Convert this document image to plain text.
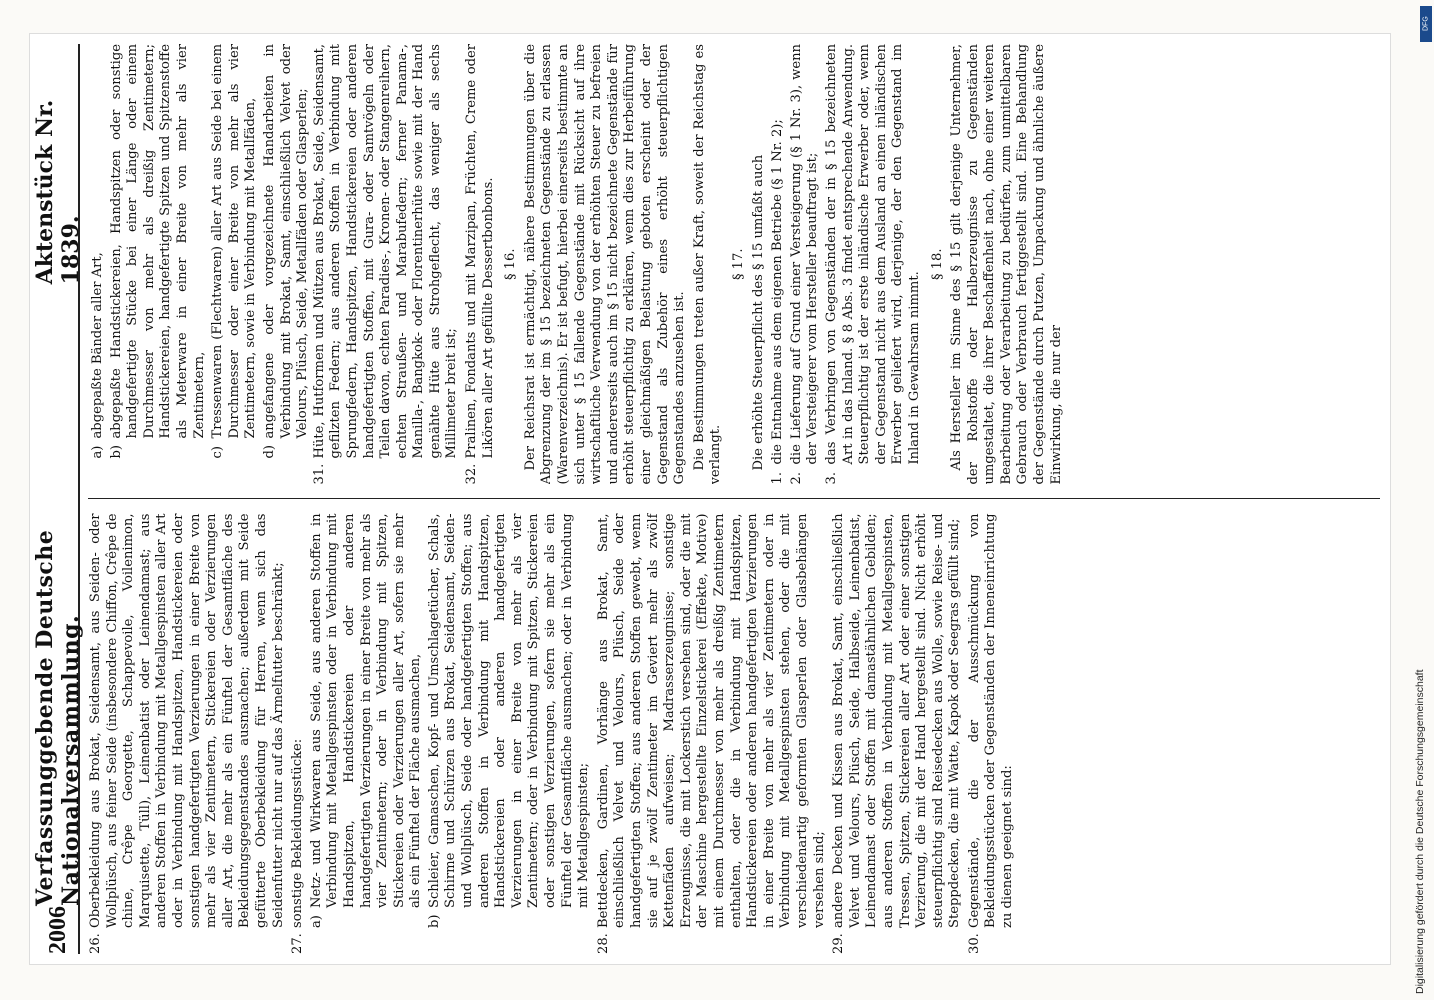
2006
Verfassunggebende Deutsche Nationalversammlung.
Aktenstück Nr. 1839.
26.
Oberbekleidung aus Brokat, Seidensamt, aus Seiden- oder Wollplüsch, aus feiner Seide (insbesondere Chiffon, Crêpe de chine, Crêpe Georgette, Schappevoile, Voilenimon, Marquisette, Tüll), Leinenbatist oder Leinendamast; aus anderen Stoffen in Verbindung mit Metallgespinsten aller Art oder in Verbindung mit Handspitzen, Handstickereien oder sonstigen handgefertigten Verzierungen in einer Breite von mehr als vier Zentimetern, Stickereien oder Verzierungen aller Art, die mehr als ein Fünftel der Gesamtfläche des Bekleidungsgegenstandes ausmachen; außerdem mit Seide gefütterte Oberbekleidung für Herren, wenn sich das Seidenfutter nicht nur auf das Ärmelfutter beschränkt;
27.
sonstige Bekleidungsstücke: a)
Netz- und Wirkwaren aus Seide, aus anderen Stoffen in Verbindung mit Metallgespinsten oder in Verbindung mit Handspitzen, Handstickereien oder anderen handgefertigten Verzierungen in einer Breite von mehr als vier Zentimetern; oder in Verbindung mit Spitzen, Stickereien oder Verzierungen aller Art, sofern sie mehr als ein Fünftel der Fläche ausmachen,
b)
Schleier, Gamaschen, Kopf- und Umschlagetücher, Schals, Schirme und Schürzen aus Brokat, Seidensamt, Seiden- und Wollplüsch, Seide oder handgefertigten Stoffen; aus anderen Stoffen in Verbindung mit Handspitzen, Handstickereien oder anderen handgefertigten Verzierungen in einer Breite von mehr als vier Zentimetern; oder in Verbindung mit Spitzen, Stickereien oder sonstigen Verzierungen, sofern sie mehr als ein Fünftel der Gesamtfläche ausmachen; oder in Verbindung mit Metallgespinsten;
28.
Bettdecken, Gardinen, Vorhänge aus Brokat, Samt, einschließlich Velvet und Velours, Plüsch, Seide oder handgefertigten Stoffen; aus anderen Stoffen gewebt, wenn sie auf je zwölf Zentimeter im Geviert mehr als zwölf Kettenfäden aufweisen; Madrasserzeugnisse; sonstige Erzeugnisse, die mit Lockerstich versehen sind, oder die mit der Maschine hergestellte Einzelstickerei (Effekte, Motive) mit einem Durchmesser von mehr als dreißig Zentimetern enthalten, oder die in Verbindung mit Handspitzen, Handstickereien oder anderen handgefertigten Verzierungen in einer Breite von mehr als vier Zentimetern oder in Verbindung mit Metallgespinsten stehen, oder die mit verschiedenartig geformten Glasperlen oder Glasbehängen versehen sind;
29.
andere Decken und Kissen aus Brokat, Samt, einschließlich Velvet und Velours, Plüsch, Seide, Halbseide, Leinenbatist, Leinendamast oder Stoffen mit damastähnlichen Gebilden; aus anderen Stoffen in Verbindung mit Metallgespinsten, Tressen, Spitzen, Stickereien aller Art oder einer sonstigen Verzierung, die mit der Hand hergestellt sind. Nicht erhöht steuerpflichtig sind Reisedecken aus Wolle, sowie Reise- und Steppdecken, die mit Watte, Kapok oder Seegras gefüllt sind;
30.
Gegenstände, die der Ausschmückung von Bekleidungsstücken oder Gegenständen der Inneneinrichtung zu dienen geeignet sind:
a)
abgepaßte Bänder aller Art,
b)
abgepaßte Handstickereien, Handspitzen oder sonstige handgefertigte Stücke bei einer Länge oder einem Durchmesser von mehr als dreißig Zentimetern; Handstickereien, handgefertigte Spitzen und Spitzenstoffe als Meterware in einer Breite von mehr als vier Zentimetern,
c)
Tressenwaren (Flechtwaren) aller Art aus Seide bei einem Durchmesser oder einer Breite von mehr als vier Zentimetern, sowie in Verbindung mit Metallfäden,
d)
angefangene oder vorgezeichnete Handarbeiten in Verbindung mit Brokat, Samt, einschließlich Velvet oder Velours, Plüsch, Seide, Metallfäden oder Glasperlen;
31.
Hüte, Hutformen und Mützen aus Brokat, Seide, Seidensamt, gefilzten Federn; aus anderen Stoffen in Verbindung mit Sprungfedern, Handspitzen, Handstickereien oder anderen handgefertigten Stoffen, mit Gura- oder Samtvögeln oder Teilen davon, echten Paradies-, Kronen- oder Stangenreihern, echten Straußen- und Marabufedern; ferner Panama-, Manilla-, Bangkok- oder Florentinerhüte sowie mit der Hand genähte Hüte aus Strohgeflecht, das weniger als sechs Millimeter breit ist;
32.
Pralinen, Fondants und mit Marzipan, Früchten, Creme oder Likören aller Art gefüllte Dessertbonbons. § 16. Der Reichsrat ist ermächtigt, nähere Bestimmungen über die Abgrenzung der im § 15 bezeichneten Gegenstände zu erlassen (Warenverzeichnis). Er ist befugt, hierbei einerseits bestimmte an sich unter § 15 fallende Gegenstände mit Rücksicht auf ihre wirtschaftliche Verwendung von der erhöhten Steuer zu befreien und andererseits auch im § 15 nicht bezeichnete Gegenstände für erhöht steuerpflichtig zu erklären, wenn dies zur Herbeiführung einer gleichmäßigen Belastung geboten erscheint oder der Gegenstand als Zubehör eines erhöht steuerpflichtigen Gegenstandes anzusehen ist. Die Bestimmungen treten außer Kraft, soweit der Reichstag es verlangt.

§ 17. Die erhöhte Steuerpflicht des § 15 umfaßt auch

1.
die Entnahme aus dem eigenen Betriebe (§ 1 Nr. 2);
2.
die Lieferung auf Grund einer Versteigerung (§ 1 Nr. 3), wenn der Versteigerer vom Hersteller beauftragt ist;
3.
das Verbringen von Gegenständen der in § 15 bezeichneten Art in das Inland. § 8 Abs. 3 findet entsprechende Anwendung. Steuerpflichtig ist der erste inländische Erwerber oder, wenn der Gegenstand nicht aus dem Ausland an einen inländischen Erwerber geliefert wird, derjenige, der den Gegenstand im Inland in Gewahrsam nimmt.
§ 18. Als Hersteller im Sinne des § 15 gilt derjenige Unternehmer, der Rohstoffe oder Halberzeugnisse zu Gegenständen umgestaltet, die ihrer Beschaffenheit nach, ohne einer weiteren Bearbeitung oder Verarbeitung zu bedürfen, zum unmittelbaren Gebrauch oder Verbrauch fertiggestellt sind. Eine Behandlung der Gegenstände durch Putzen, Umpackung und ähnliche äußere Einwirkung, die nur der

Digitalisierung gefördert durch die Deutsche Forschungsgemeinschaft
DFG
